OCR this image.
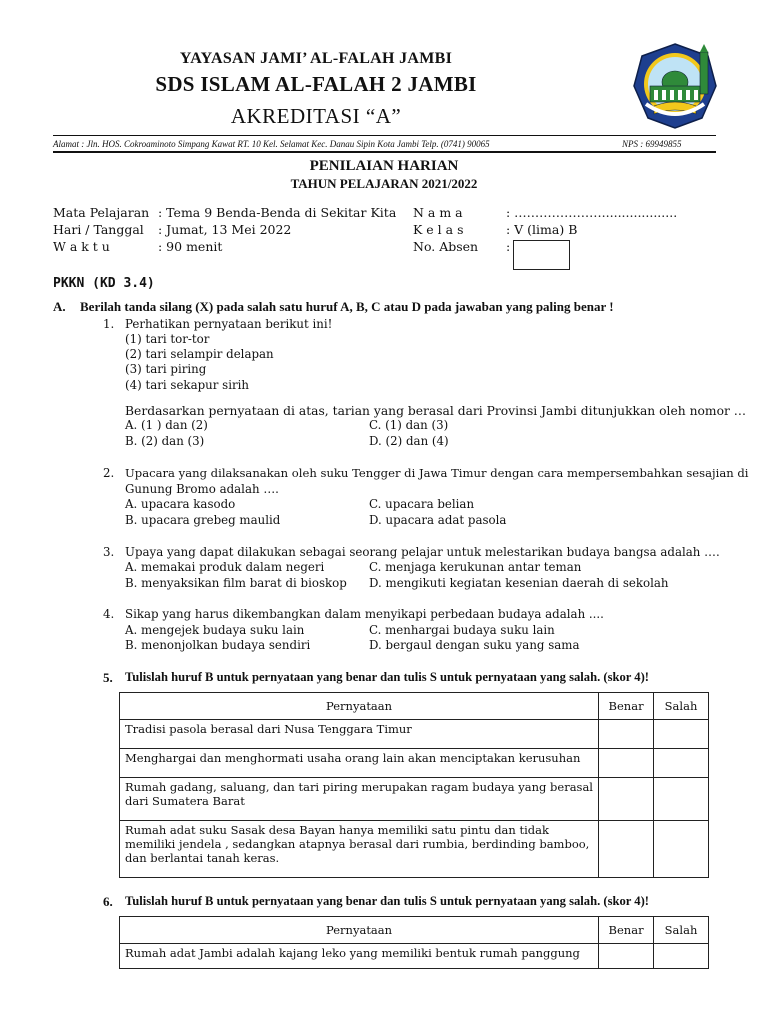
YAYASAN JAMI’ AL-FALAH JAMBI
SDS ISLAM AL-FALAH 2 JAMBI
AKREDITASI “A”
Alamat : Jln. HOS. Cokroaminoto Simpang Kawat RT. 10 Kel. Selamat Kec. Danau Sipin Kota Jambi Telp. (0741) 90065	NPS : 69949855
PENILAIAN HARIAN
TAHUN PELAJARAN 2021/2022
Mata Pelajaran : Tema 9 Benda-Benda di Sekitar Kita
Hari / Tanggal : Jumat, 13 Mei 2022
W a k t u	: 90 menit
N a m a	: …………………...................
K e l a s	: V (lima) B
No. Absen :
PKKN (KD 3.4)
A. Berilah tanda silang (X) pada salah satu huruf A, B, C atau D pada jawaban yang paling benar !
1. Perhatikan pernyataan berikut ini!
(1) tari tor-tor
(2) tari selampir delapan
(3) tari piring
(4) tari sekapur sirih
Berdasarkan pernyataan di atas, tarian yang berasal dari Provinsi Jambi ditunjukkan oleh nomor …
A. (1 ) dan (2)	C. (1) dan (3)
B. (2) dan (3)	D. (2) dan (4)
2. Upacara yang dilaksanakan oleh suku Tengger di Jawa Timur dengan cara mempersembahkan sesajian di
Gunung Bromo adalah ….
A. upacara kasodo	C. upacara belian
B. upacara grebeg maulid	D. upacara adat pasola
3. Upaya yang dapat dilakukan sebagai seorang pelajar untuk melestarikan budaya bangsa adalah ….
A. memakai produk dalam negeri	C. menjaga kerukunan antar teman
B. menyaksikan film barat di bioskop D. mengikuti kegiatan kesenian daerah di sekolah
4. Sikap yang harus dikembangkan dalam menyikapi perbedaan budaya adalah ....
A. mengejek budaya suku lain	C. menhargai budaya suku lain
B. menonjolkan budaya sendiri	D. bergaul dengan suku yang sama
5. Tulislah huruf B untuk pernyataan yang benar dan tulis S untuk pernyataan yang salah. (skor 4)!
Pernyataan	Benar	Salah
Tradisi pasola berasal dari Nusa Tenggara Timur		
Menghargai dan menghormati usaha orang lain akan menciptakan kerusuhan		
Rumah gadang, saluang, dan tari piring merupakan ragam budaya yang berasal dari Sumatera Barat		
Rumah adat suku Sasak desa Bayan hanya memiliki satu pintu dan tidak memiliki jendela , sedangkan atapnya berasal dari rumbia, berdinding bamboo, dan berlantai tanah keras.		
6. Tulislah huruf B untuk pernyataan yang benar dan tulis S untuk pernyataan yang salah. (skor 4)!
Pernyataan	Benar	Salah
Rumah adat Jambi adalah kajang leko yang memiliki bentuk rumah panggung		
